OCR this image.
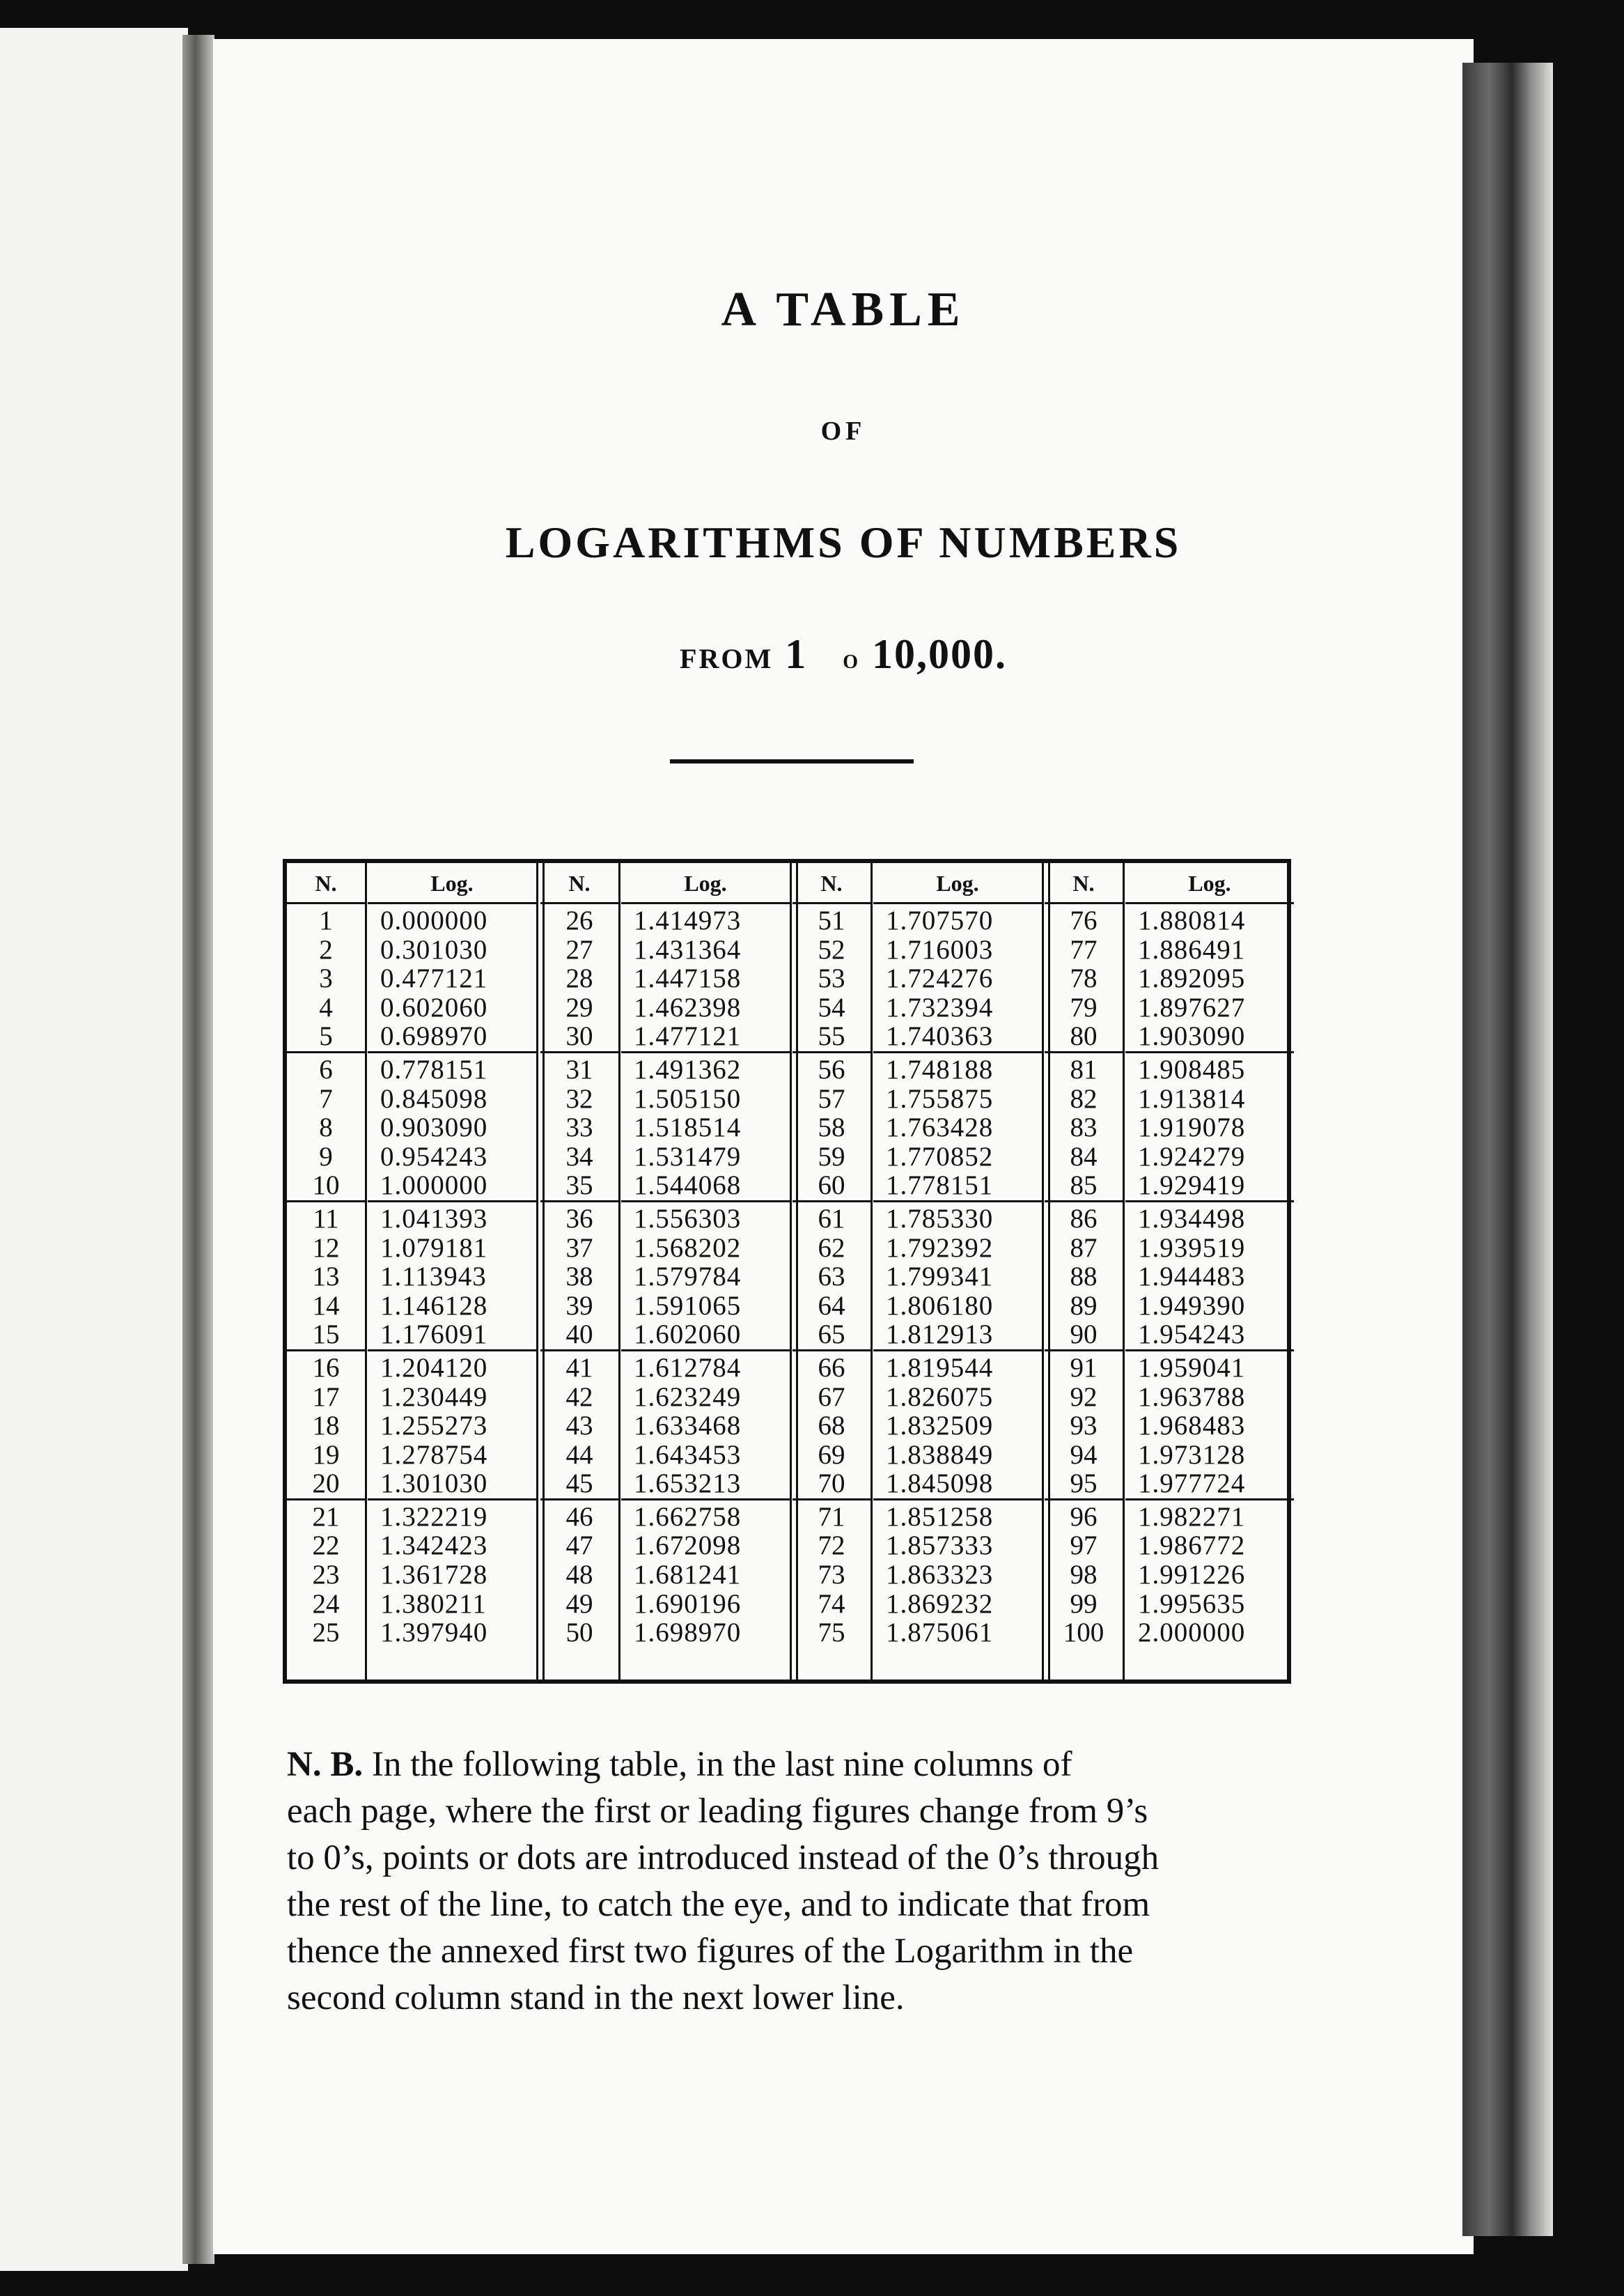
A TABLE
OF
LOGARITHMS OF NUMBERS
FROM 1 o 10,000.
N.
1
2
3
4
5
6
7
8
9
10
11
12
13
14
15
16
17
18
19
20
21
22
23
24
25
Log.
0.000000
0.301030
0.477121
0.602060
0.698970
0.778151
0.845098
0.903090
0.954243
1.000000
1.041393
1.079181
1.113943
1.146128
1.176091
1.204120
1.230449
1.255273
1.278754
1.301030
1.322219
1.342423
1.361728
1.380211
1.397940
N.
26
27
28
29
30
31
32
33
34
35
36
37
38
39
40
41
42
43
44
45
46
47
48
49
50
Log.
1.414973
1.431364
1.447158
1.462398
1.477121
1.491362
1.505150
1.518514
1.531479
1.544068
1.556303
1.568202
1.579784
1.591065
1.602060
1.612784
1.623249
1.633468
1.643453
1.653213
1.662758
1.672098
1.681241
1.690196
1.698970
N.
51
52
53
54
55
56
57
58
59
60
61
62
63
64
65
66
67
68
69
70
71
72
73
74
75
Log.
1.707570
1.716003
1.724276
1.732394
1.740363
1.748188
1.755875
1.763428
1.770852
1.778151
1.785330
1.792392
1.799341
1.806180
1.812913
1.819544
1.826075
1.832509
1.838849
1.845098
1.851258
1.857333
1.863323
1.869232
1.875061
N.
76
77
78
79
80
81
82
83
84
85
86
87
88
89
90
91
92
93
94
95
96
97
98
99
100
Log.
1.880814
1.886491
1.892095
1.897627
1.903090
1.908485
1.913814
1.919078
1.924279
1.929419
1.934498
1.939519
1.944483
1.949390
1.954243
1.959041
1.963788
1.968483
1.973128
1.977724
1.982271
1.986772
1.991226
1.995635
2.000000
N. B. In the following table, in the last nine columns of
each page, where the first or leading figures change from 9’s
to 0’s, points or dots are introduced instead of the 0’s through
the rest of the line, to catch the eye, and to indicate that from
thence the annexed first two figures of the Logarithm in the
second column stand in the next lower line.
